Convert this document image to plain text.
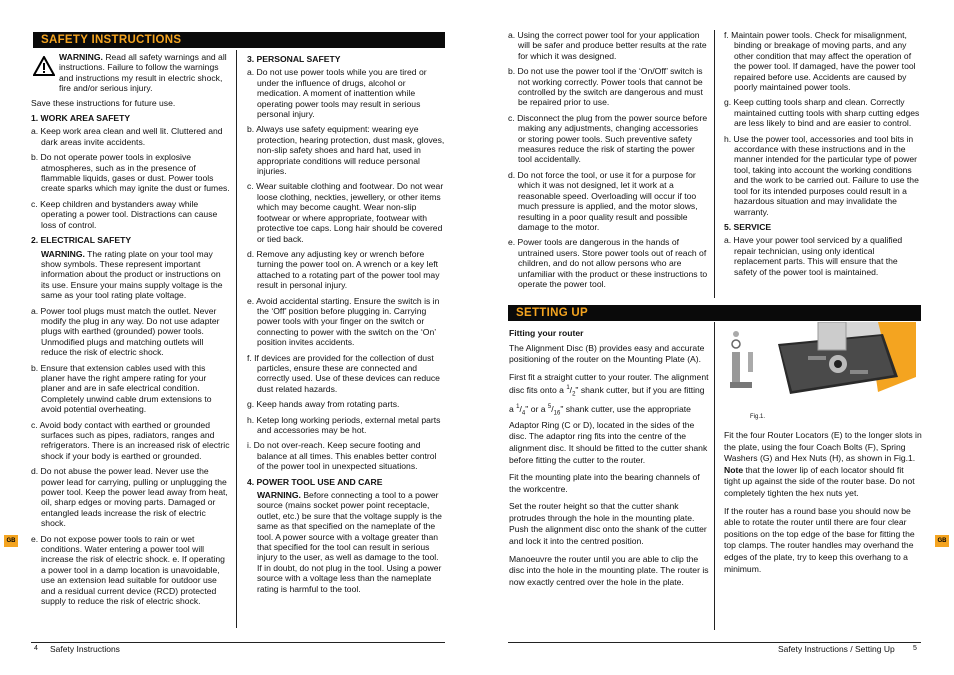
SAFETY INSTRUCTIONS
WARNING. Read all safety warnings and all instructions. Failure to follow the warnings and instructions my result in electric shock, fire and/or serious injury.
Save these instructions for future use.
1. WORK AREA SAFETY
a. Keep work area clean and well lit. Cluttered and dark areas invite accidents.
b. Do not operate power tools in explosive atmospheres, such as in the presence of flammable liquids, gases or dust. Power tools create sparks which may ignite the dust or fumes.
c. Keep children and bystanders away while operating a power tool. Distractions can cause loss of control.
2. ELECTRICAL SAFETY
WARNING. The rating plate on your tool may show symbols. These represent important information about the product or instructions on its use. Ensure your mains supply voltage is the same as your tool rating plate voltage.
a. Power tool plugs must match the outlet. Never modify the plug in any way. Do not use adapter plugs with earthed (grounded) power tools. Unmodified plugs and matching outlets will reduce the risk of electric shock.
b. Ensure that extension cables used with this planer have the right ampere rating for your planer and are in safe electrical condition. Completely unwind cable drum extensions to avoid potential overheating.
c. Avoid body contact with earthed or grounded surfaces such as pipes, radiators, ranges and refrigerators. There is an increased risk of electric shock if your body is earthed or grounded.
d. Do not abuse the power lead. Never use the power lead for carrying, pulling or unplugging the power tool. Keep the power lead away from heat, oil, sharp edges or moving parts. Damaged or entangled leads increase the risk of electric shock.
e. Do not expose power tools to rain or wet conditions. Water entering a power tool will increase the risk of electric shock. e. If operating a power tool in a damp location is unavoidable, use an extension lead suitable for outdoor use and a residual current device (RCD) protected supply to reduce the risk of electric shock.
3. PERSONAL SAFETY
a. Do not use power tools while you are tired or under the influence of drugs, alcohol or medication. A moment of inattention while operating power tools may result in serious personal injury.
b. Always use safety equipment: wearing eye protection, hearing protection, dust mask, gloves, non-slip safety shoes and hard hat, used in appropriate conditions will reduce personal injuries.
c. Wear suitable clothing and footwear. Do not wear loose clothing, neckties, jewellery, or other items which may become caught. Wear non-slip footwear or where appropriate, footwear with protective toe caps. Long hair should be covered or tied back.
d. Remove any adjusting key or wrench before turning the power tool on. A wrench or a key left attached to a rotating part of the power tool may result in personal injury.
e. Avoid accidental starting. Ensure the switch is in the ‘Off’ position before plugging in. Carrying power tools with your finger on the switch or connecting to power with the switch on the ‘On’ position invites accidents.
f. If devices are provided for the collection of dust particles, ensure these are connected and correctly used. Use of these devices can reduce dust related hazards.
g. Keep hands away from rotating parts.
h. Ketep long working periods, external metal parts and accessories may be hot.
i. Do not over-reach. Keep secure footing and balance at all times. This enables better control of the power tool in unexpected situations.
4. POWER TOOL USE AND CARE
WARNING. Before connecting a tool to a power source (mains socket power point receptacle, outlet, etc.) be sure that the voltage supply is the same as that specified on the nameplate of the tool. A power source with a voltage greater than that specified for the tool can result in serious injury to the user, as well as damage to the tool. If in doubt, do not plug in the tool. Using a power source with a voltage less than the nameplate rating is harmful to the tool.
4 Safety Instructions
GB
a. Using the correct power tool for your application will be safer and produce better results at the rate for which it was designed.
b. Do not use the power tool if the ‘On/Off’ switch is not working correctly. Power tools that cannot be controlled by the switch are dangerous and must be repaired prior to use.
c. Disconnect the plug from the power source before making any adjustments, changing accessories or storing power tools. Such preventive safety measures reduce the risk of starting the power tool accidentally.
d. Do not force the tool, or use it for a purpose for which it was not designed, let it work at a reasonable speed. Overloading will occur if too much pressure is applied, and the motor slows, resulting in a poor quality result and possible damage to the motor.
e. Power tools are dangerous in the hands of untrained users. Store power tools out of reach of children, and do not allow persons who are unfamiliar with the product or these instructions to operate the power tool.
f. Maintain power tools. Check for misalignment, binding or breakage of moving parts, and any other condition that may affect the operation of the power tool. If damaged, have the power tool repaired before use. Accidents are caused by poorly maintained power tools.
g. Keep cutting tools sharp and clean. Correctly maintained cutting tools with sharp cutting edges are less likely to bind and are easier to control.
h. Use the power tool, accessories and tool bits in accordance with these instructions and in the manner intended for the particular type of power tool, taking into account the working conditions and the work to be carried out. Failure to use the tool for its intended purposes could result in a hazardous situation and may invalidate the warranty.
5. SERVICE
a. Have your power tool serviced by a qualified repair technician, using only identical replacement parts. This will ensure that the safety of the power tool is maintained.
SETTING UP
Fitting your router
The Alignment Disc (B) provides easy and accurate positioning of the router on the Mounting Plate (A).
First fit a straight cutter to your router. The alignment disc fits onto a $^1/_2$" shank cutter, but if you are fitting a $^1/_4$" or a $^5/_{16}$" shank cutter, use the appropriate Adaptor Ring (C or D), located in the sides of the disc. The adaptor ring fits into the centre of the alignment disc. It should be fitted to the cutter shank before fitting the cutter to the router.
Fit the mounting plate into the bearing channels of the workcentre.
Set the router height so that the cutter shank protrudes through the hole in the mounting plate. Push the alignment disc onto the shank of the cutter and lock it into the centred position.
Manoeuvre the router until you are able to clip the disc into the hole in the mounting plate. The router is now exactly centred over the hole in the plate.
Fig.1.
Fit the four Router Locators (E) to the longer slots in the plate, using the four Coach Bolts (F), Spring Washers (G) and Hex Nuts (H), as shown in Fig.1. Note that the lower lip of each locator should fit tight up against the side of the router base. Do not completely tighten the hex nuts yet.
If the router has a round base you should now be able to rotate the router until there are four clear positions on the top edge of the base for fitting the top clamps. The router handles may overhand the edges of the plate, try to keep this overhang to a minimum.
Safety Instructions / Setting Up	5
GB
